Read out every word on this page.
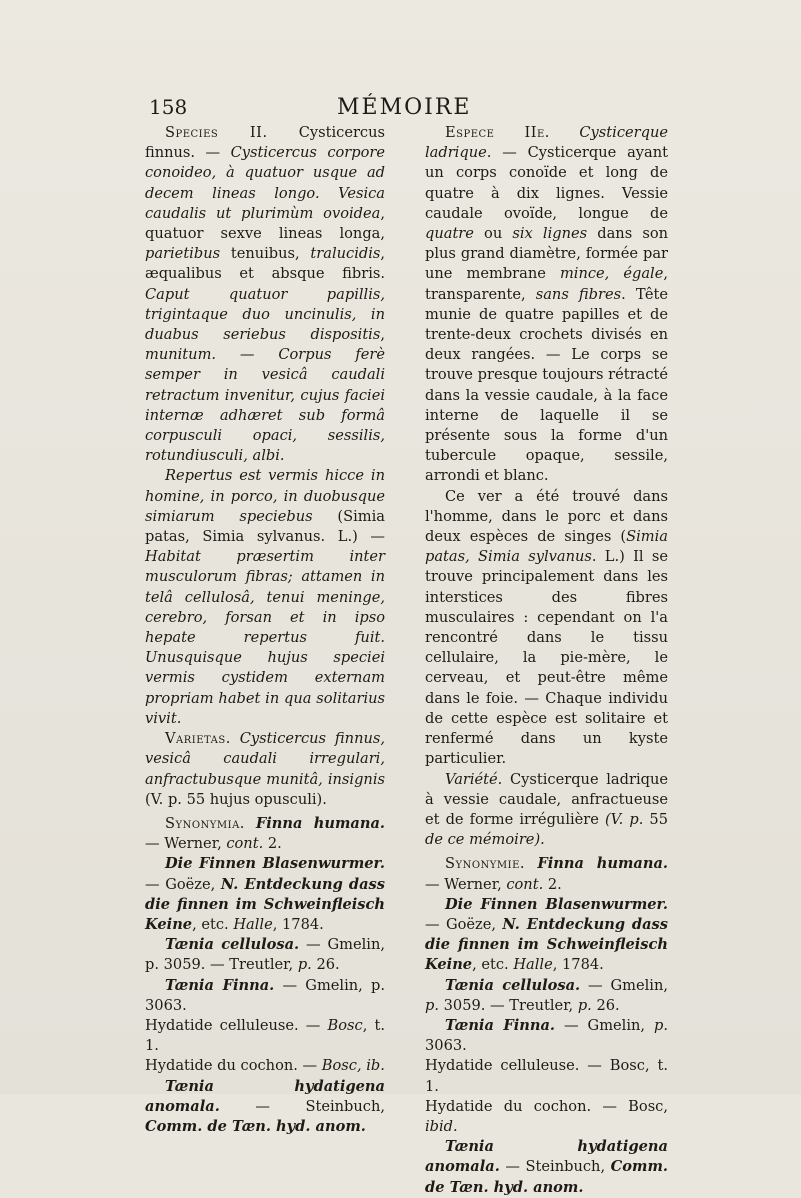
158	MÉMOIRE

Species II. Cysticercus finnus. — Cysticercus corpore conoideo, à quatuor usque ad decem lineas longo. Vesica caudalis ut plurimùm ovoidea, quatuor sexve lineas longa, parietibus tenuibus, tralucidis, æqualibus et absque fibris. Caput quatuor papillis, trigintaque duo uncinulis, in duabus seriebus dispositis, munitum. — Corpus ferè semper in vesicâ caudali retractum invenitur, cujus faciei internæ adhæret sub formâ corpusculi opaci, sessilis, rotundiusculi, albi.

Repertus est vermis hicce in homine, in porco, in duobusque simiarum speciebus (Simia patas, Simia sylvanus. L.) — Habitat præsertim inter musculorum fibras; attamen in telâ cellulosâ, tenui meninge, cerebro, forsan et in ipso hepate repertus fuit. Unusquisque hujus speciei vermis cystidem externam propriam habet in qua solitarius vivit.

Varietas. Cysticercus finnus, vesicâ caudali irregulari, anfractubusque munitâ, insignis (V. p. 55 hujus opusculi).

Synonymia. Finna humana. — Werner, cont. 2.

Die Finnen Blasenwurmer. — Goëze, N. Entdeckung dass die finnen im Schweinfleisch Keine, etc. Halle, 1784.

Tænia cellulosa. — Gmelin, p. 3059. — Treutler, p. 26.

Tænia Finna. — Gmelin, p. 3063.

Hydatide celluleuse. — Bosc, t. 1.

Hydatide du cochon. — Bosc, ib.

Tænia hydatigena anomala. — Steinbuch, Comm. de Tæn. hyd. anom.

Espece IIe. Cysticerque ladrique. — Cysticerque ayant un corps conoïde et long de quatre à dix lignes. Vessie caudale ovoïde, longue de quatre ou six lignes dans son plus grand diamètre, formée par une membrane mince, égale, transparente, sans fibres. Tête munie de quatre papilles et de trente-deux crochets divisés en deux rangées. — Le corps se trouve presque toujours rétracté dans la vessie caudale, à la face interne de laquelle il se présente sous la forme d'un tubercule opaque, sessile, arrondi et blanc.

Ce ver a été trouvé dans l'homme, dans le porc et dans deux espèces de singes (Simia patas, Simia sylvanus. L.) Il se trouve principalement dans les interstices des fibres musculaires : cependant on l'a rencontré dans le tissu cellulaire, la pie-mère, le cerveau, et peut-être même dans le foie. — Chaque individu de cette espèce est solitaire et renfermé dans un kyste particulier.

Variété. Cysticerque ladrique à vessie caudale, anfractueuse et de forme irrégulière (V. p. 55 de ce mémoire).

Synonymie. Finna humana. — Werner, cont. 2.

Die Finnen Blasenwurmer. — Goëze, N. Entdeckung dass die finnen im Schweinfleisch Keine, etc. Halle, 1784.

Tænia cellulosa. — Gmelin, p. 3059. — Treutler, p. 26.

Tænia Finna. — Gmelin, p. 3063.

Hydatide celluleuse. — Bosc, t. 1.

Hydatide du cochon. — Bosc, ibid.

Tænia hydatigena anomala. — Steinbuch, Comm. de Tæn. hyd. anom.
